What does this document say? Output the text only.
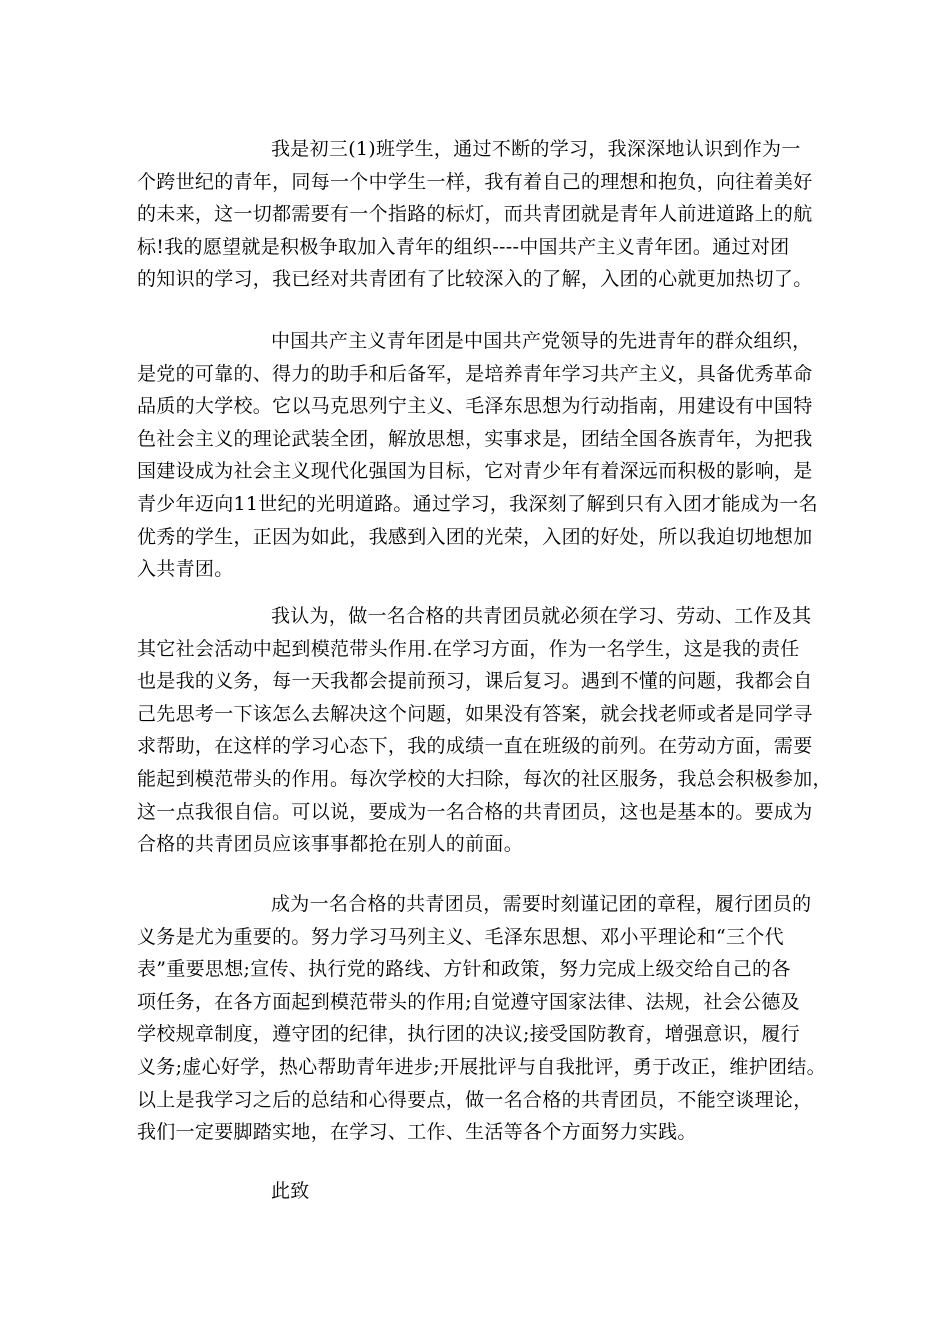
我是初三(1)班学生，通过不断的学习，我深深地认识到作为一
个跨世纪的青年，同每一个中学生一样，我有着自己的理想和抱负，向往着美好
的未来，这一切都需要有一个指路的标灯，而共青团就是青年人前进道路上的航
标!我的愿望就是积极争取加入青年的组织----中国共产主义青年团。通过对团
的知识的学习，我已经对共青团有了比较深入的了解，入团的心就更加热切了。

中国共产主义青年团是中国共产党领导的先进青年的群众组织，
是党的可靠的、得力的助手和后备军，是培养青年学习共产主义，具备优秀革命
品质的大学校。它以马克思列宁主义、毛泽东思想为行动指南，用建设有中国特
色社会主义的理论武装全团，解放思想，实事求是，团结全国各族青年，为把我
国建设成为社会主义现代化强国为目标，它对青少年有着深远而积极的影响，是
青少年迈向11世纪的光明道路。通过学习，我深刻了解到只有入团才能成为一名
优秀的学生，正因为如此，我感到入团的光荣，入团的好处，所以我迫切地想加
入共青团。

我认为，做一名合格的共青团员就必须在学习、劳动、工作及其
其它社会活动中起到模范带头作用.在学习方面，作为一名学生，这是我的责任
也是我的义务，每一天我都会提前预习，课后复习。遇到不懂的问题，我都会自
己先思考一下该怎么去解决这个问题，如果没有答案，就会找老师或者是同学寻
求帮助，在这样的学习心态下，我的成绩一直在班级的前列。在劳动方面，需要
能起到模范带头的作用。每次学校的大扫除，每次的社区服务，我总会积极参加，
这一点我很自信。可以说，要成为一名合格的共青团员，这也是基本的。要成为
合格的共青团员应该事事都抢在别人的前面。

成为一名合格的共青团员，需要时刻谨记团的章程，履行团员的
义务是尤为重要的。努力学习马列主义、毛泽东思想、邓小平理论和“三个代
表”重要思想;宣传、执行党的路线、方针和政策，努力完成上级交给自己的各
项任务，在各方面起到模范带头的作用;自觉遵守国家法律、法规，社会公德及
学校规章制度，遵守团的纪律，执行团的决议;接受国防教育，增强意识，履行
义务;虚心好学，热心帮助青年进步;开展批评与自我批评，勇于改正，维护团结。
以上是我学习之后的总结和心得要点，做一名合格的共青团员，不能空谈理论，
我们一定要脚踏实地，在学习、工作、生活等各个方面努力实践。

此致
